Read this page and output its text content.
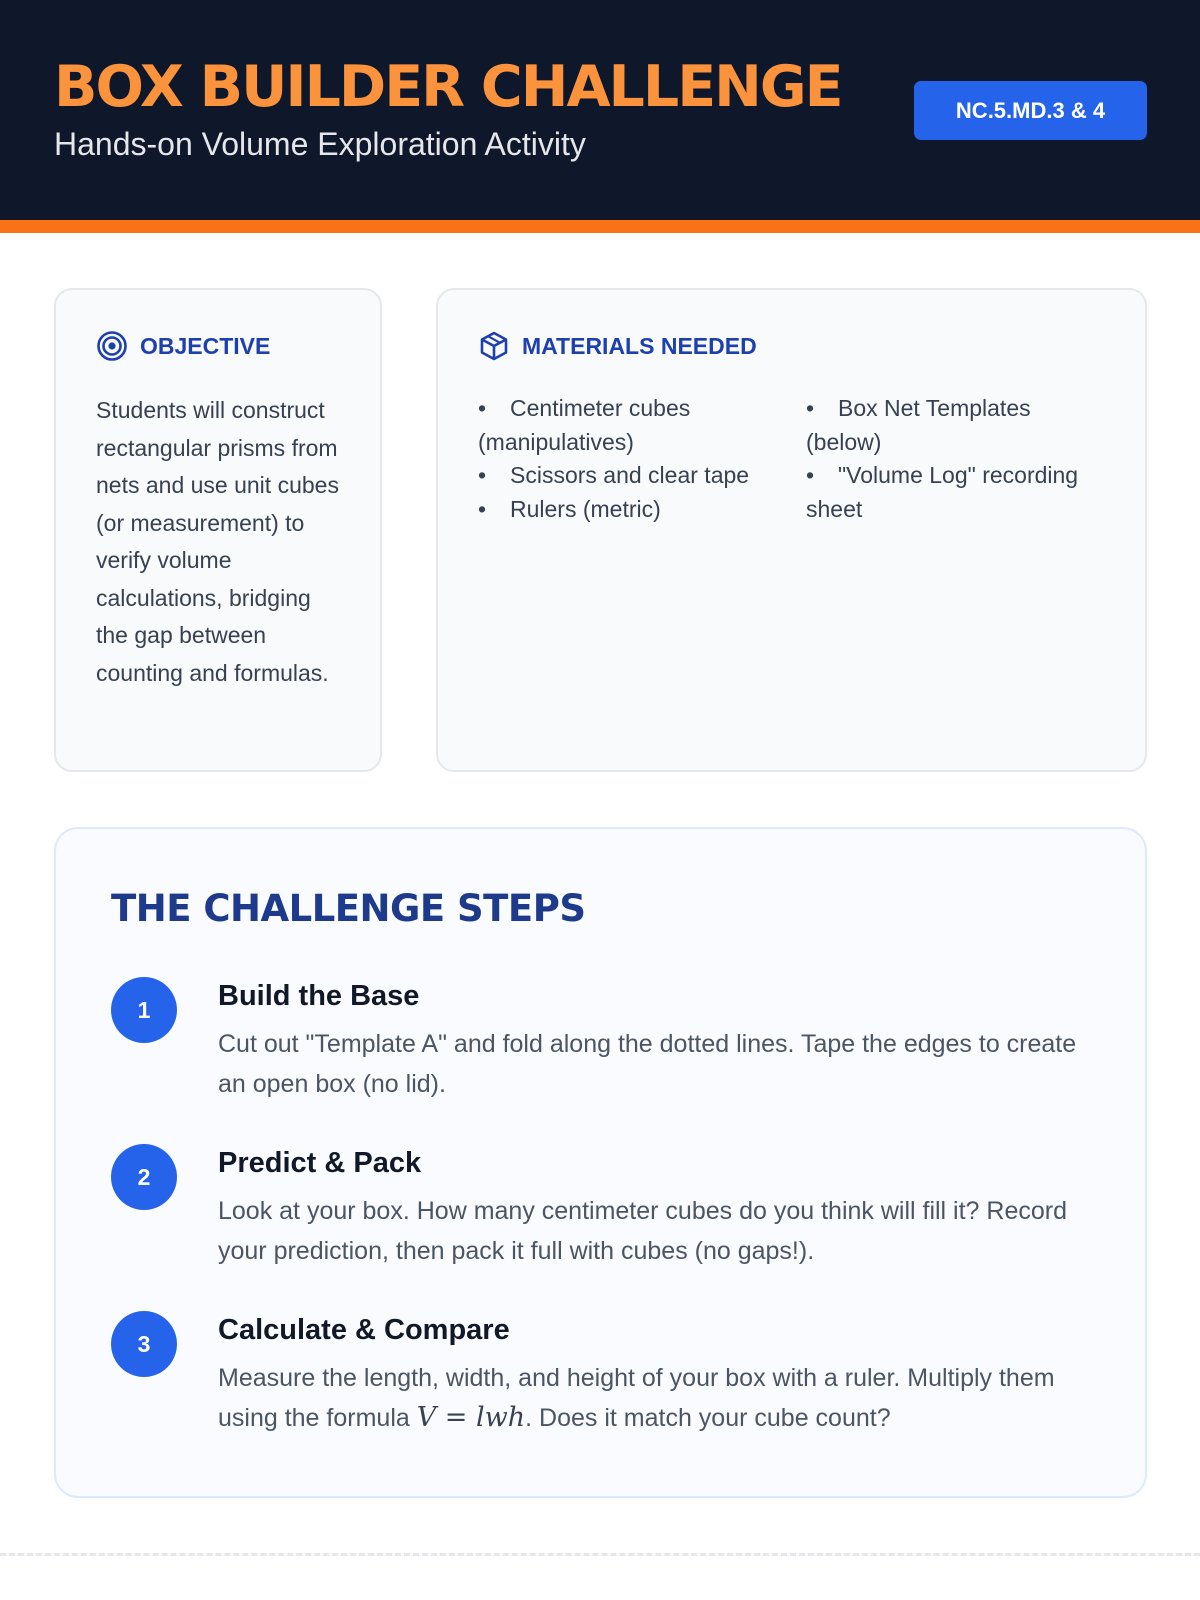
BOX BUILDER CHALLENGE
Hands-on Volume Exploration Activity
NC.5.MD.3 & 4
OBJECTIVE

Students will construct rectangular prisms from nets and use unit cubes (or measurement) to verify volume calculations, bridging the gap between counting and formulas.

MATERIALS NEEDED
• Centimeter cubes (manipulatives)
• Scissors and clear tape
• Rulers (metric)
• Box Net Templates (below)
• "Volume Log" recording sheet
THE CHALLENGE STEPS
1	Build the Base
Cut out "Template A" and fold along the dotted lines. Tape the edges to create an open box (no lid).
2	Predict & Pack
Look at your box. How many centimeter cubes do you think will fill it? Record your prediction, then pack it full with cubes (no gaps!).
3	Calculate & Compare
Measure the length, width, and height of your box with a ruler. Multiply them using the formula V = lwh. Does it match your cube count?
